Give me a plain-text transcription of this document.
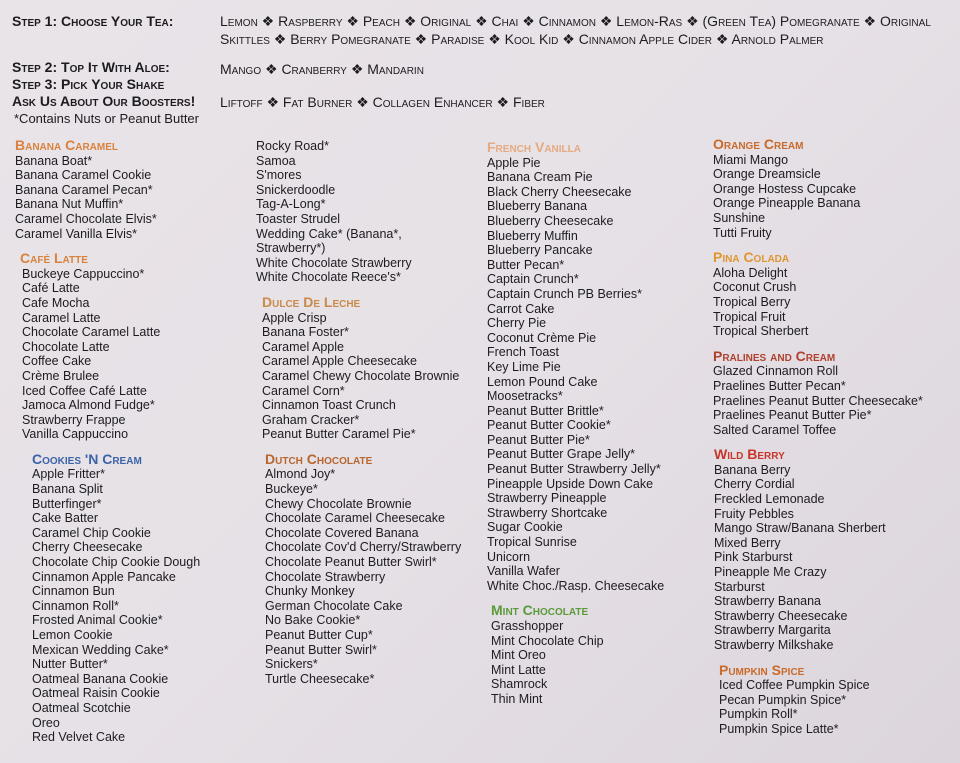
Step 1: Choose Your Tea:	Lemon ❖ Raspberry ❖ Peach ❖ Original ❖ Chai ❖ Cinnamon ❖ Lemon-Ras ❖ (Green Tea) Pomegranate ❖ Original
Skittles ❖ Berry Pomegranate ❖ Paradise ❖ Kool Kid ❖ Cinnamon Apple Cider ❖ Arnold Palmer
Step 2: Top It With Aloe:	Mango ❖ Cranberry ❖ Mandarin
Step 3: Pick Your Shake
Ask Us About Our Boosters! Liftoff ❖ Fat Burner ❖ Collagen Enhancer ❖ Fiber
*Contains Nuts or Peanut Butter
Banana Caramel
Banana Boat*
Banana Caramel Cookie
Banana Caramel Pecan*
Banana Nut Muffin*
Caramel Chocolate Elvis*
Caramel Vanilla Elvis*
Café Latte
Buckeye Cappuccino*
Café Latte
Cafe Mocha
Caramel Latte
Chocolate Caramel Latte
Chocolate Latte
Coffee Cake
Crème Brulee
Iced Coffee Café Latte
Jamoca Almond Fudge*
Strawberry Frappe
Vanilla Cappuccino
Cookies 'N Cream
Apple Fritter*
Banana Split
Butterfinger*
Cake Batter
Caramel Chip Cookie
Cherry Cheesecake
Chocolate Chip Cookie Dough
Cinnamon Apple Pancake
Cinnamon Bun
Cinnamon Roll*
Frosted Animal Cookie*
Lemon Cookie
Mexican Wedding Cake*
Nutter Butter*
Oatmeal Banana Cookie
Oatmeal Raisin Cookie
Oatmeal Scotchie
Oreo
Red Velvet Cake
Rocky Road*
Samoa
S'mores
Snickerdoodle
Tag-A-Long*
Toaster Strudel
Wedding Cake* (Banana*,
Strawberry*)
White Chocolate Strawberry
White Chocolate Reece's*
Dulce De Leche
Apple Crisp
Banana Foster*
Caramel Apple
Caramel Apple Cheesecake
Caramel Chewy Chocolate Brownie
Caramel Corn*
Cinnamon Toast Crunch
Graham Cracker*
Peanut Butter Caramel Pie*
Dutch Chocolate
Almond Joy*
Buckeye*
Chewy Chocolate Brownie
Chocolate Caramel Cheesecake
Chocolate Covered Banana
Chocolate Cov'd Cherry/Strawberry
Chocolate Peanut Butter Swirl*
Chocolate Strawberry
Chunky Monkey
German Chocolate Cake
No Bake Cookie*
Peanut Butter Cup*
Peanut Butter Swirl*
Snickers*
Turtle Cheesecake*
French Vanilla
Apple Pie
Banana Cream Pie
Black Cherry Cheesecake
Blueberry Banana
Blueberry Cheesecake
Blueberry Muffin
Blueberry Pancake
Butter Pecan*
Captain Crunch*
Captain Crunch PB Berries*
Carrot Cake
Cherry Pie
Coconut Crème Pie
French Toast
Key Lime Pie
Lemon Pound Cake
Moosetracks*
Peanut Butter Brittle*
Peanut Butter Cookie*
Peanut Butter Pie*
Peanut Butter Grape Jelly*
Peanut Butter Strawberry Jelly*
Pineapple Upside Down Cake
Strawberry Pineapple
Strawberry Shortcake
Sugar Cookie
Tropical Sunrise
Unicorn
Vanilla Wafer
White Choc./Rasp. Cheesecake
Mint Chocolate
Grasshopper
Mint Chocolate Chip
Mint Oreo
Mint Latte
Shamrock
Thin Mint
Orange Cream
Miami Mango
Orange Dreamsicle
Orange Hostess Cupcake
Orange Pineapple Banana
Sunshine
Tutti Fruity
Pina Colada
Aloha Delight
Coconut Crush
Tropical Berry
Tropical Fruit
Tropical Sherbert
Pralines and Cream
Glazed Cinnamon Roll
Praelines Butter Pecan*
Praelines Peanut Butter Cheesecake*
Praelines Peanut Butter Pie*
Salted Caramel Toffee
Wild Berry
Banana Berry
Cherry Cordial
Freckled Lemonade
Fruity Pebbles
Mango Straw/Banana Sherbert
Mixed Berry
Pink Starburst
Pineapple Me Crazy
Starburst
Strawberry Banana
Strawberry Cheesecake
Strawberry Margarita
Strawberry Milkshake
Pumpkin Spice
Iced Coffee Pumpkin Spice
Pecan Pumpkin Spice*
Pumpkin Roll*
Pumpkin Spice Latte*
